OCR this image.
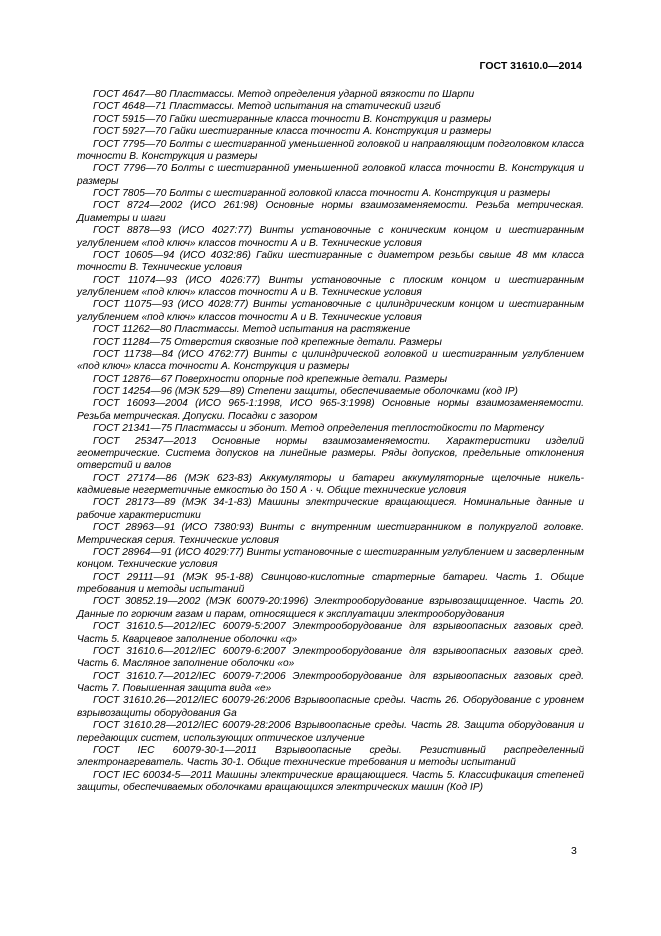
ГОСТ 31610.0—2014

ГОСТ 4647—80 Пластмассы. Метод определения ударной вязкости по Шарпи

ГОСТ 4648—71 Пластмассы. Метод испытания на статический изгиб

ГОСТ 5915—70 Гайки шестигранные класса точности В. Конструкция и размеры

ГОСТ 5927—70 Гайки шестигранные класса точности А. Конструкция и размеры

ГОСТ 7795—70 Болты с шестигранной уменьшенной головкой и направляющим подголовком класса точности В. Конструкция и размеры

ГОСТ 7796—70 Болты с шестигранной уменьшенной головкой класса точности В. Конструкция и размеры

ГОСТ 7805—70 Болты с шестигранной головкой класса точности А. Конструкция и размеры

ГОСТ 8724—2002 (ИСО 261:98) Основные нормы взаимозаменяемости. Резьба метрическая. Диаметры и шаги

ГОСТ 8878—93 (ИСО 4027:77) Винты установочные с коническим концом и шестигранным углублением «под ключ» классов точности А и В. Технические условия

ГОСТ 10605—94 (ИСО 4032:86) Гайки шестигранные с диаметром резьбы свыше 48 мм класса точности В. Технические условия

ГОСТ 11074—93 (ИСО 4026:77) Винты установочные с плоским концом и шестигранным углублением «под ключ» классов точности А и В. Технические условия

ГОСТ 11075—93 (ИСО 4028:77) Винты установочные с цилиндрическим концом и шестигранным углублением «под ключ» классов точности А и В. Технические условия

ГОСТ 11262—80 Пластмассы. Метод испытания на растяжение

ГОСТ 11284—75 Отверстия сквозные под крепежные детали. Размеры

ГОСТ 11738—84 (ИСО 4762:77) Винты с цилиндрической головкой и шестигранным углублением «под ключ» класса точности А. Конструкция и размеры

ГОСТ 12876—67 Поверхности опорные под крепежные детали. Размеры

ГОСТ 14254—96 (МЭК 529—89) Степени защиты, обеспечиваемые оболочками (код IP)

ГОСТ 16093—2004 (ИСО 965-1:1998, ИСО 965-3:1998) Основные нормы взаимозаменяемости. Резьба метрическая. Допуски. Посадки с зазором

ГОСТ 21341—75 Пластмассы и эбонит. Метод определения теплостойкости по Мартенсу

ГОСТ 25347—2013 Основные нормы взаимозаменяемости. Характеристики изделий геометрические. Система допусков на линейные размеры. Ряды допусков, предельные отклонения отверстий и валов

ГОСТ 27174—86 (МЭК 623-83) Аккумуляторы и батареи аккумуляторные щелочные никель-кадмиевые негерметичные емкостью до 150 А · ч. Общие технические условия

ГОСТ 28173—89 (МЭК 34-1-83) Машины электрические вращающиеся. Номинальные данные и рабочие характеристики

ГОСТ 28963—91 (ИСО 7380:93) Винты с внутренним шестигранником в полукруглой головке. Метрическая серия. Технические условия

ГОСТ 28964—91 (ИСО 4029:77) Винты установочные с шестигранным углублением и засверленным концом. Технические условия

ГОСТ 29111—91 (МЭК 95-1-88) Свинцово-кислотные стартерные батареи. Часть 1. Общие требования и методы испытаний

ГОСТ 30852.19—2002 (МЭК 60079-20:1996) Электрооборудование взрывозащищенное. Часть 20. Данные по горючим газам и парам, относящиеся к эксплуатации электрооборудования

ГОСТ 31610.5—2012/IEC 60079-5:2007 Электрооборудование для взрывоопасных газовых сред. Часть 5. Кварцевое заполнение оболочки «q»

ГОСТ 31610.6—2012/IEC 60079-6:2007 Электрооборудование для взрывоопасных газовых сред. Часть 6. Масляное заполнение оболочки «о»

ГОСТ 31610.7—2012/IEC 60079-7:2006 Электрооборудование для взрывоопасных газовых сред. Часть 7. Повышенная защита вида «е»

ГОСТ 31610.26—2012/IEC 60079-26:2006 Взрывоопасные среды. Часть 26. Оборудование с уровнем взрывозащиты оборудования Ga

ГОСТ 31610.28—2012/IEC 60079-28:2006 Взрывоопасные среды. Часть 28. Защита оборудования и передающих систем, использующих оптическое излучение

ГОСТ IEC 60079-30-1—2011 Взрывоопасные среды. Резистивный распределенный электронагреватель. Часть 30-1. Общие технические требования и методы испытаний

ГОСТ IEC 60034-5—2011 Машины электрические вращающиеся. Часть 5. Классификация степеней защиты, обеспечиваемых оболочками вращающихся электрических машин (Код IP)

3
